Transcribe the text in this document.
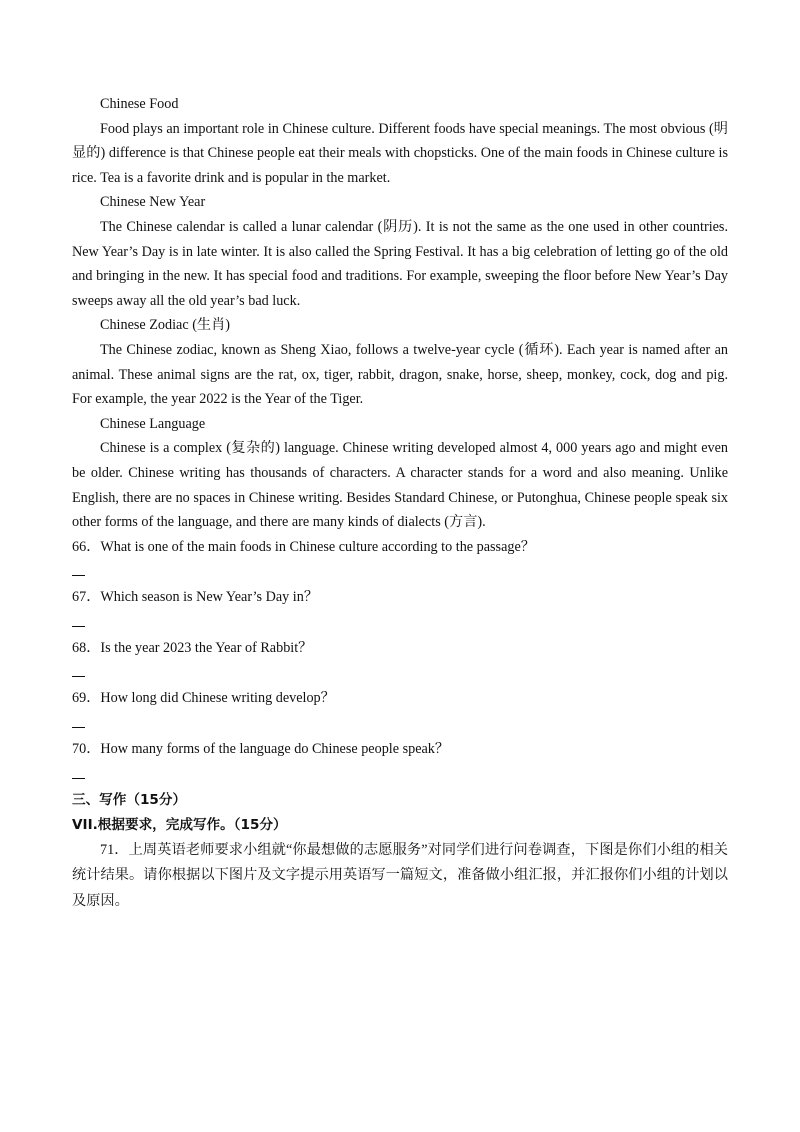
Chinese Food

Food plays an important role in Chinese culture. Different foods have special meanings. The most obvious (明显的) difference is that Chinese people eat their meals with chopsticks. One of the main foods in Chinese culture is rice. Tea is a favorite drink and is popular in the market.

Chinese New Year

The Chinese calendar is called a lunar calendar (阴历). It is not the same as the one used in other countries. New Year’s Day is in late winter. It is also called the Spring Festival. It has a big celebration of letting go of the old and bringing in the new. It has special food and traditions. For example, sweeping the floor before New Year’s Day sweeps away all the old year’s bad luck.

Chinese Zodiac (生肖)

The Chinese zodiac, known as Sheng Xiao, follows a twelve-year cycle (循环). Each year is named after an animal. These animal signs are the rat, ox, tiger, rabbit, dragon, snake, horse, sheep, monkey, cock, dog and pig. For example, the year 2022 is the Year of the Tiger.

Chinese Language

Chinese is a complex (复杂的) language. Chinese writing developed almost 4, 000 years ago and might even be older. Chinese writing has thousands of characters. A character stands for a word and also meaning. Unlike English, there are no spaces in Chinese writing. Besides Standard Chinese, or Putonghua, Chinese people speak six other forms of the language, and there are many kinds of dialects (方言).

66．What is one of the main foods in Chinese culture according to the passage？

67．Which season is New Year’s Day in？

68．Is the year 2023 the Year of Rabbit？

69．How long did Chinese writing develop？

70．How many forms of the language do Chinese people speak？

三、写作（15分）

VII.根据要求，完成写作。（15分）

71．上周英语老师要求小组就“你最想做的志愿服务”对同学们进行问卷调查，下图是你们小组的相关统计结果。请你根据以下图片及文字提示用英语写一篇短文，准备做小组汇报，并汇报你们小组的计划以及原因。
